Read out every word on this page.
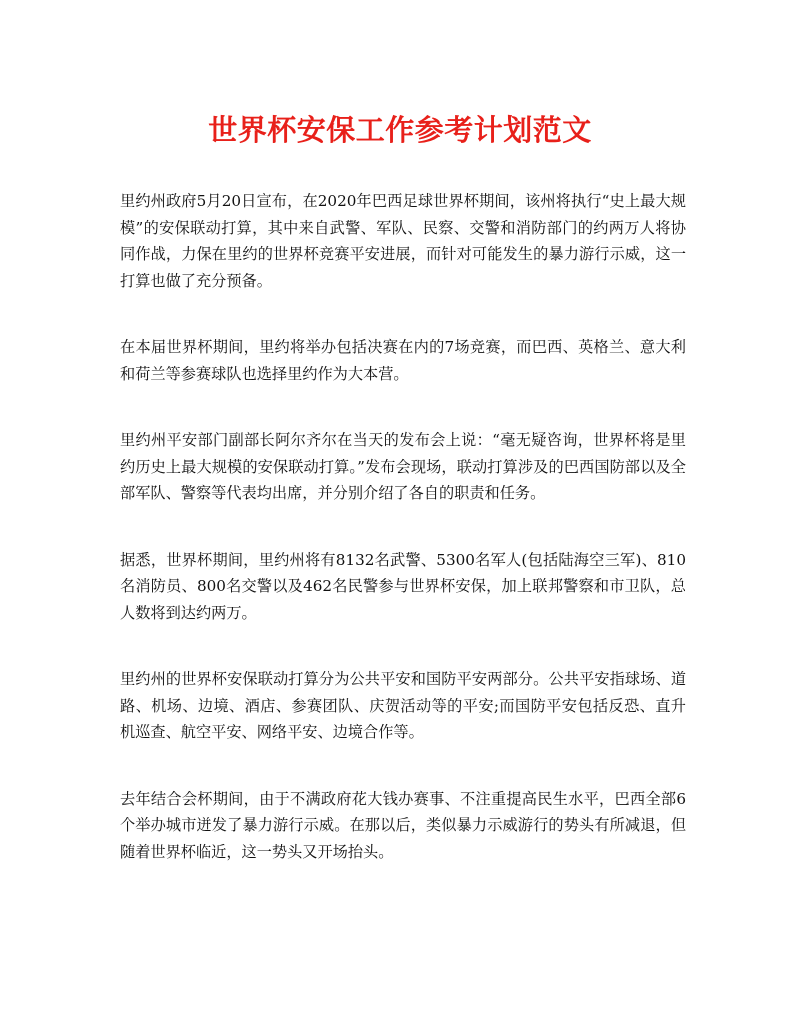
世界杯安保工作参考计划范文

里约州政府5月20日宣布，在2020年巴西足球世界杯期间，该州将执行“史上最大规模”的安保联动打算，其中来自武警、军队、民察、交警和消防部门的约两万人将协同作战，力保在里约的世界杯竞赛平安进展，而针对可能发生的暴力游行示威，这一打算也做了充分预备。

在本届世界杯期间，里约将举办包括决赛在内的7场竞赛，而巴西、英格兰、意大利和荷兰等参赛球队也选择里约作为大本营。

里约州平安部门副部长阿尔齐尔在当天的发布会上说：“毫无疑咨询，世界杯将是里约历史上最大规模的安保联动打算。”发布会现场，联动打算涉及的巴西国防部以及全部军队、警察等代表均出席，并分别介绍了各自的职责和任务。

据悉，世界杯期间，里约州将有8132名武警、5300名军人(包括陆海空三军)、810名消防员、800名交警以及462名民警参与世界杯安保，加上联邦警察和市卫队，总人数将到达约两万。

里约州的世界杯安保联动打算分为公共平安和国防平安两部分。公共平安指球场、道路、机场、边境、酒店、参赛团队、庆贺活动等的平安;而国防平安包括反恐、直升机巡查、航空平安、网络平安、边境合作等。

去年结合会杯期间，由于不满政府花大钱办赛事、不注重提高民生水平，巴西全部6个举办城市迸发了暴力游行示威。在那以后，类似暴力示威游行的势头有所减退，但随着世界杯临近，这一势头又开场抬头。
